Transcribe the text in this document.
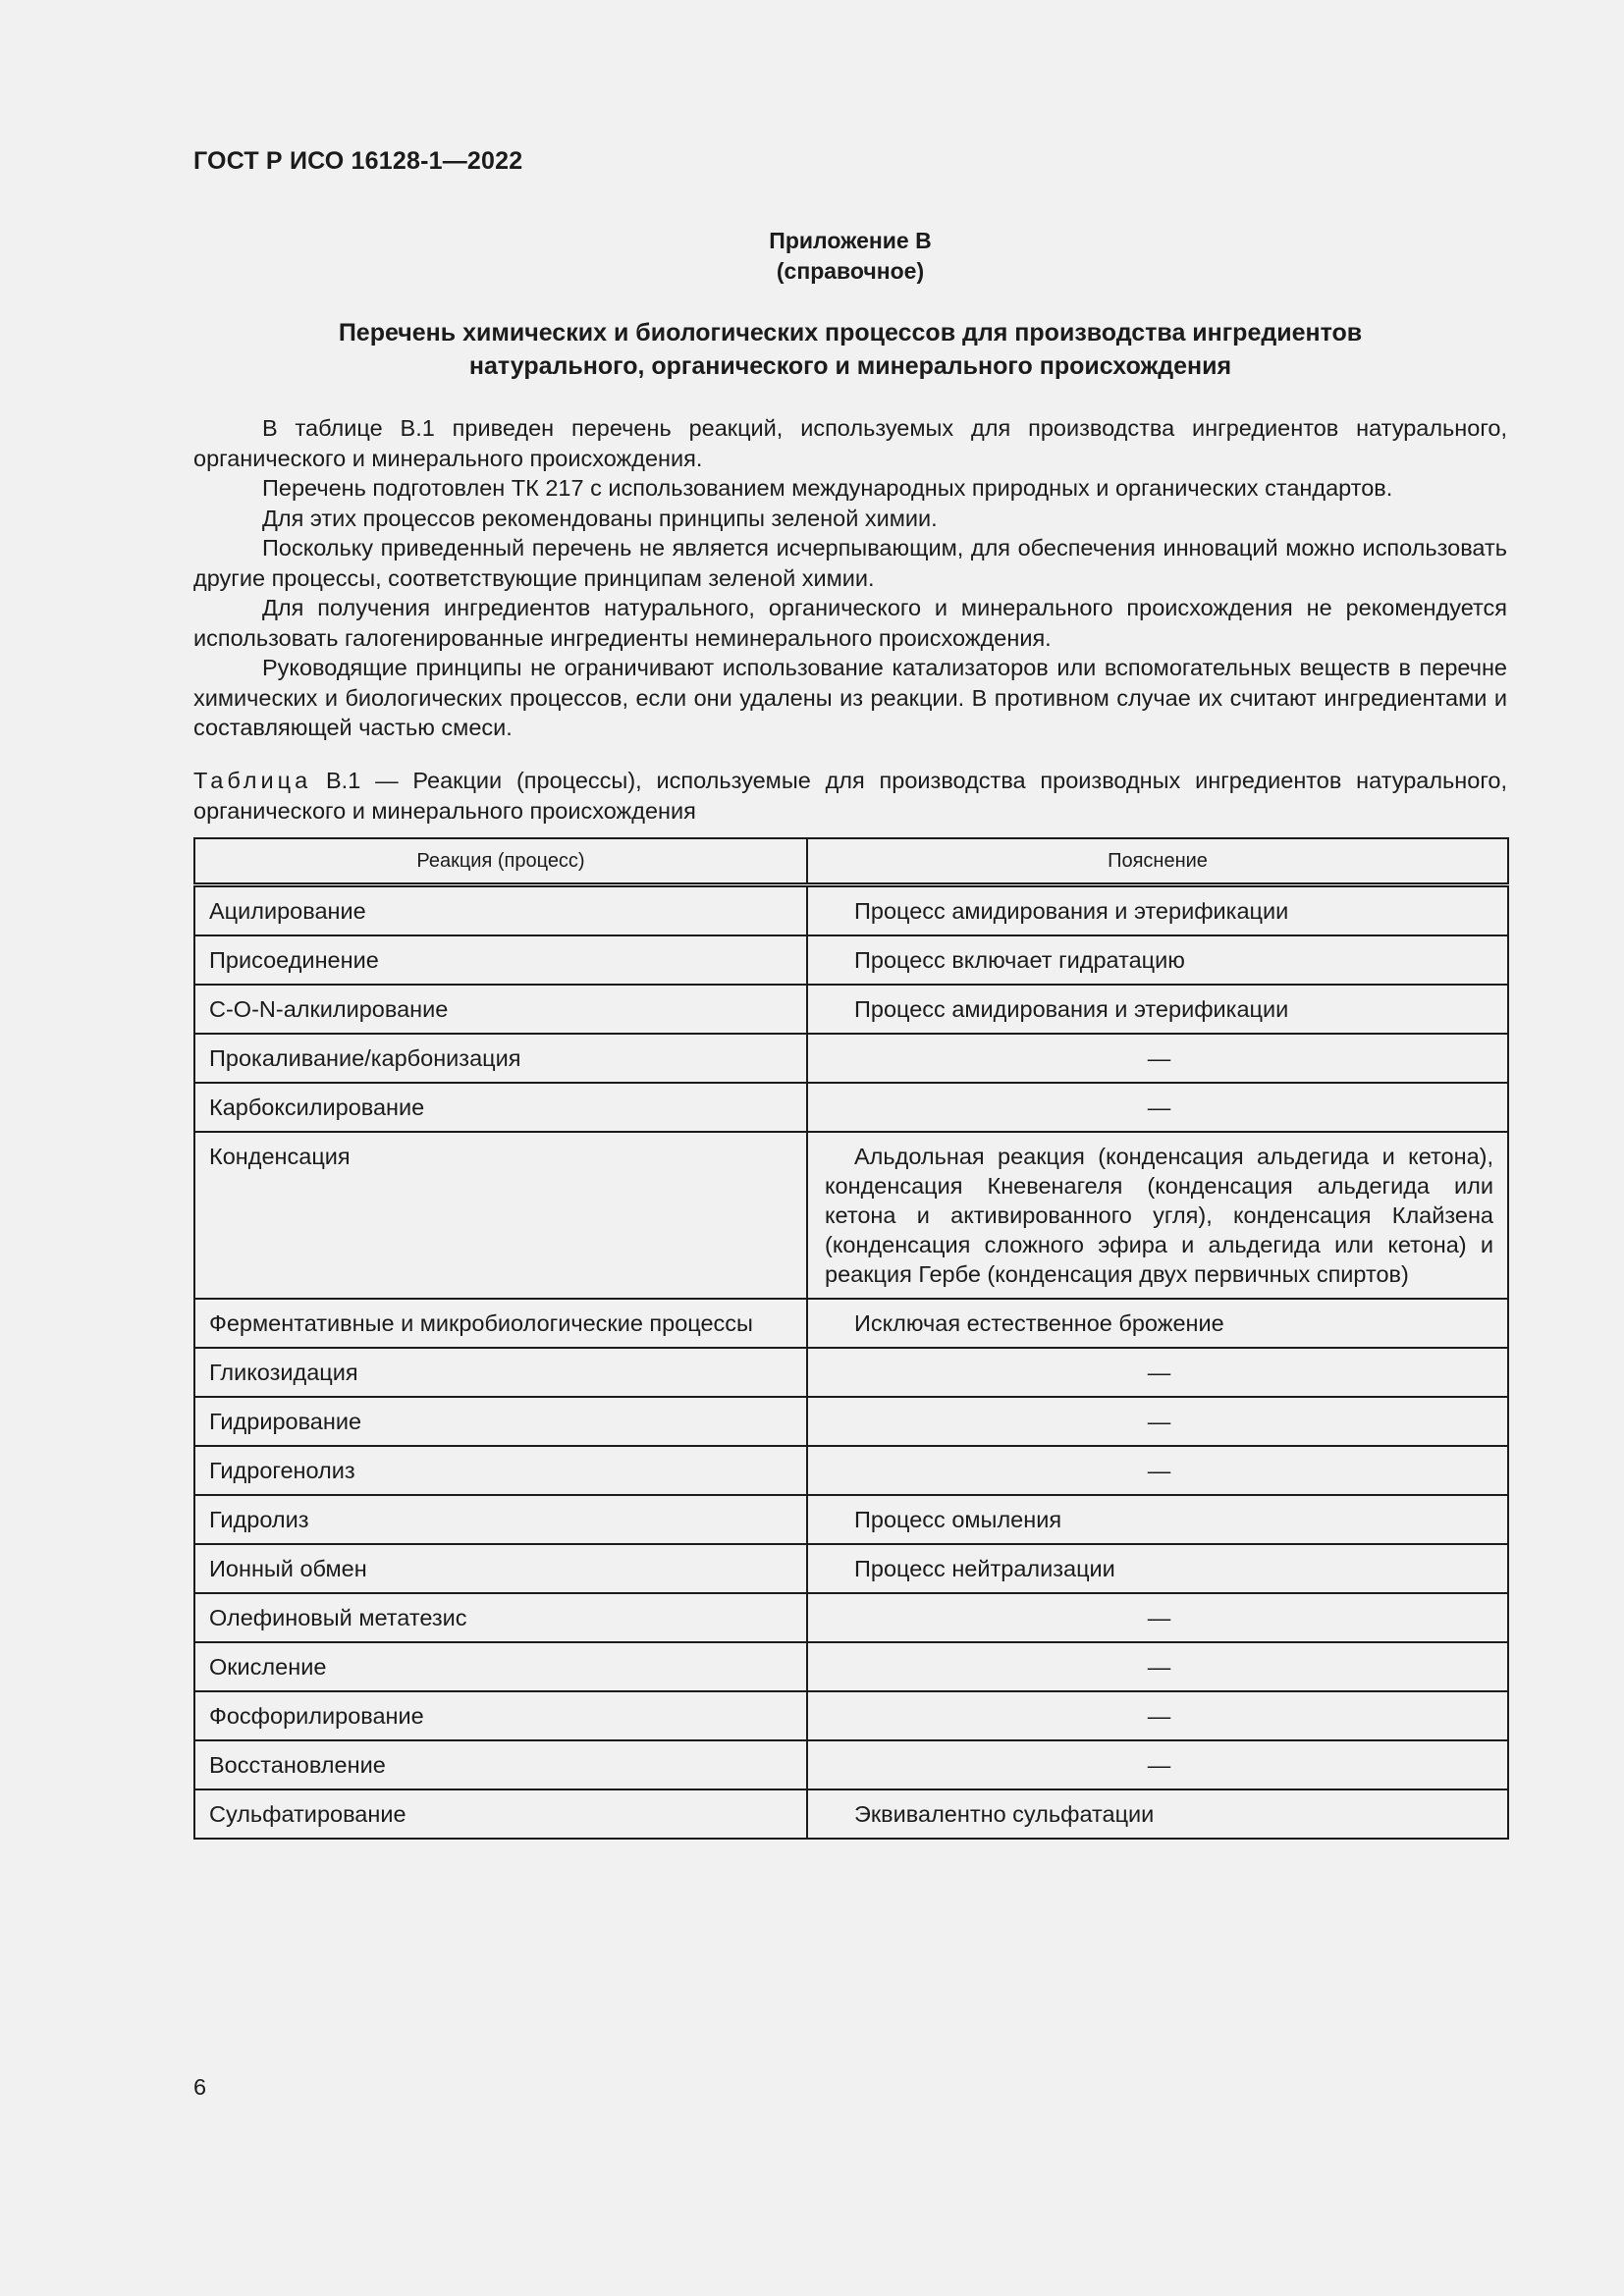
ГОСТ Р ИСО 16128-1—2022
Приложение В
(справочное)
Перечень химических и биологических процессов для производства ингредиентов
натурального, органического и минерального происхождения

В таблице В.1 приведен перечень реакций, используемых для производства ингредиентов натурального, органического и минерального происхождения.

Перечень подготовлен ТК 217 с использованием международных природных и органических стандартов.

Для этих процессов рекомендованы принципы зеленой химии.

Поскольку приведенный перечень не является исчерпывающим, для обеспечения инноваций можно использовать другие процессы, соответствующие принципам зеленой химии.

Для получения ингредиентов натурального, органического и минерального происхождения не рекомендуется использовать галогенированные ингредиенты неминерального происхождения.

Руководящие принципы не ограничивают использование катализаторов или вспомогательных веществ в перечне химических и биологических процессов, если они удалены из реакции. В противном случае их считают ингредиентами и составляющей частью смеси.

Таблица В.1 — Реакции (процессы), используемые для производства производных ингредиентов натурального, органического и минерального происхождения
Реакция (процесс)	Пояснение
Ацилирование	Процесс амидирования и этерификации
Присоединение	Процесс включает гидратацию
C-O-N-алкилирование	Процесс амидирования и этерификации
Прокаливание/карбонизация	—
Карбоксилирование	—
Конденсация	Альдольная реакция (конденсация альдегида и кетона), конденсация Кневенагеля (конденсация альдегида или кетона и активированного угля), конденсация Клайзена (конденсация сложного эфира и альдегида или кетона) и реакция Гербе (конденсация двух первичных спиртов)
Ферментативные и микробиологические процессы	Исключая естественное брожение
Гликозидация	—
Гидрирование	—
Гидрогенолиз	—
Гидролиз	Процесс омыления
Ионный обмен	Процесс нейтрализации
Олефиновый метатезис	—
Окисление	—
Фосфорилирование	—
Восстановление	—
Сульфатирование	Эквивалентно сульфатации
6
